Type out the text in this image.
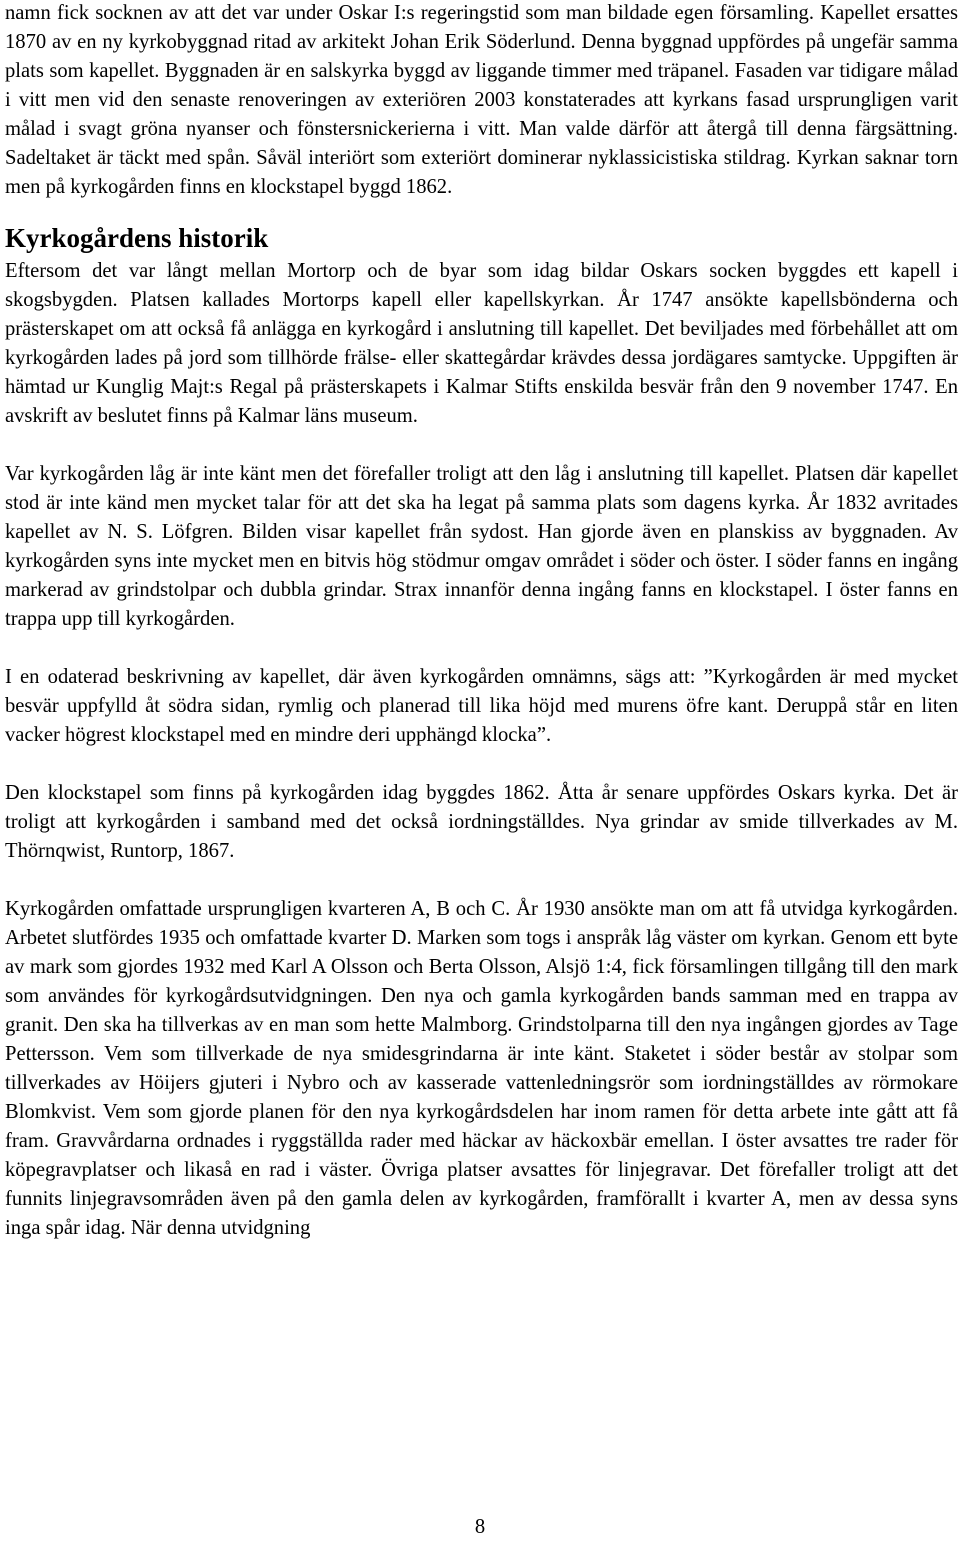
namn fick socknen av att det var under Oskar I:s regeringstid som man bildade egen församling. Kapellet ersattes 1870 av en ny kyrkobyggnad ritad av arkitekt Johan Erik Söderlund. Denna byggnad uppfördes på ungefär samma plats som kapellet. Byggnaden är en salskyrka byggd av liggande timmer med träpanel. Fasaden var tidigare målad i vitt men vid den senaste renoveringen av exteriören 2003 konstaterades att kyrkans fasad ursprungligen varit målad i svagt gröna nyanser och fönstersnickerierna i vitt. Man valde därför att återgå till denna färgsättning. Sadeltaket är täckt med spån. Såväl interiört som exteriört dominerar nyklassicistiska stildrag. Kyrkan saknar torn men på kyrkogården finns en klockstapel byggd 1862.

Kyrkogårdens historik

Eftersom det var långt mellan Mortorp och de byar som idag bildar Oskars socken byggdes ett kapell i skogsbygden. Platsen kallades Mortorps kapell eller kapellskyrkan. År 1747 ansökte kapellsbönderna och prästerskapet om att också få anlägga en kyrkogård i anslutning till kapellet. Det beviljades med förbehållet att om kyrkogården lades på jord som tillhörde frälse- eller skattegårdar krävdes dessa jordägares samtycke. Uppgiften är hämtad ur Kunglig Majt:s Regal på prästerskapets i Kalmar Stifts enskilda besvär från den 9 november 1747. En avskrift av beslutet finns på Kalmar läns museum.

Var kyrkogården låg är inte känt men det förefaller troligt att den låg i anslutning till kapellet. Platsen där kapellet stod är inte känd men mycket talar för att det ska ha legat på samma plats som dagens kyrka. År 1832 avritades kapellet av N. S. Löfgren. Bilden visar kapellet från sydost. Han gjorde även en planskiss av byggnaden. Av kyrkogården syns inte mycket men en bitvis hög stödmur omgav området i söder och öster. I söder fanns en ingång markerad av grindstolpar och dubbla grindar. Strax innanför denna ingång fanns en klockstapel. I öster fanns en trappa upp till kyrkogården.

I en odaterad beskrivning av kapellet, där även kyrkogården omnämns, sägs att: ”Kyrkogården är med mycket besvär uppfylld åt södra sidan, rymlig och planerad till lika höjd med murens öfre kant. Deruppå står en liten vacker högrest klockstapel med en mindre deri upphängd klocka”.

Den klockstapel som finns på kyrkogården idag byggdes 1862. Åtta år senare uppfördes Oskars kyrka. Det är troligt att kyrkogården i samband med det också iordningställdes. Nya grindar av smide tillverkades av M. Thörnqwist, Runtorp, 1867.

Kyrkogården omfattade ursprungligen kvarteren A, B och C. År 1930 ansökte man om att få utvidga kyrkogården. Arbetet slutfördes 1935 och omfattade kvarter D. Marken som togs i anspråk låg väster om kyrkan. Genom ett byte av mark som gjordes 1932 med Karl A Olsson och Berta Olsson, Alsjö 1:4, fick församlingen tillgång till den mark som användes för kyrkogårdsutvidgningen. Den nya och gamla kyrkogården bands samman med en trappa av granit. Den ska ha tillverkas av en man som hette Malmborg. Grindstolparna till den nya ingången gjordes av Tage Pettersson. Vem som tillverkade de nya smidesgrindarna är inte känt. Staketet i söder består av stolpar som tillverkades av Höijers gjuteri i Nybro och av kasserade vattenledningsrör som iordningställdes av rörmokare Blomkvist. Vem som gjorde planen för den nya kyrkogårdsdelen har inom ramen för detta arbete inte gått att få fram. Gravvårdarna ordnades i ryggställda rader med häckar av häckoxbär emellan. I öster avsattes tre rader för köpegravplatser och likaså en rad i väster. Övriga platser avsattes för linjegravar. Det förefaller troligt att det funnits linjegravsområden även på den gamla delen av kyrkogården, framförallt i kvarter A, men av dessa syns inga spår idag. När denna utvidgning

8
